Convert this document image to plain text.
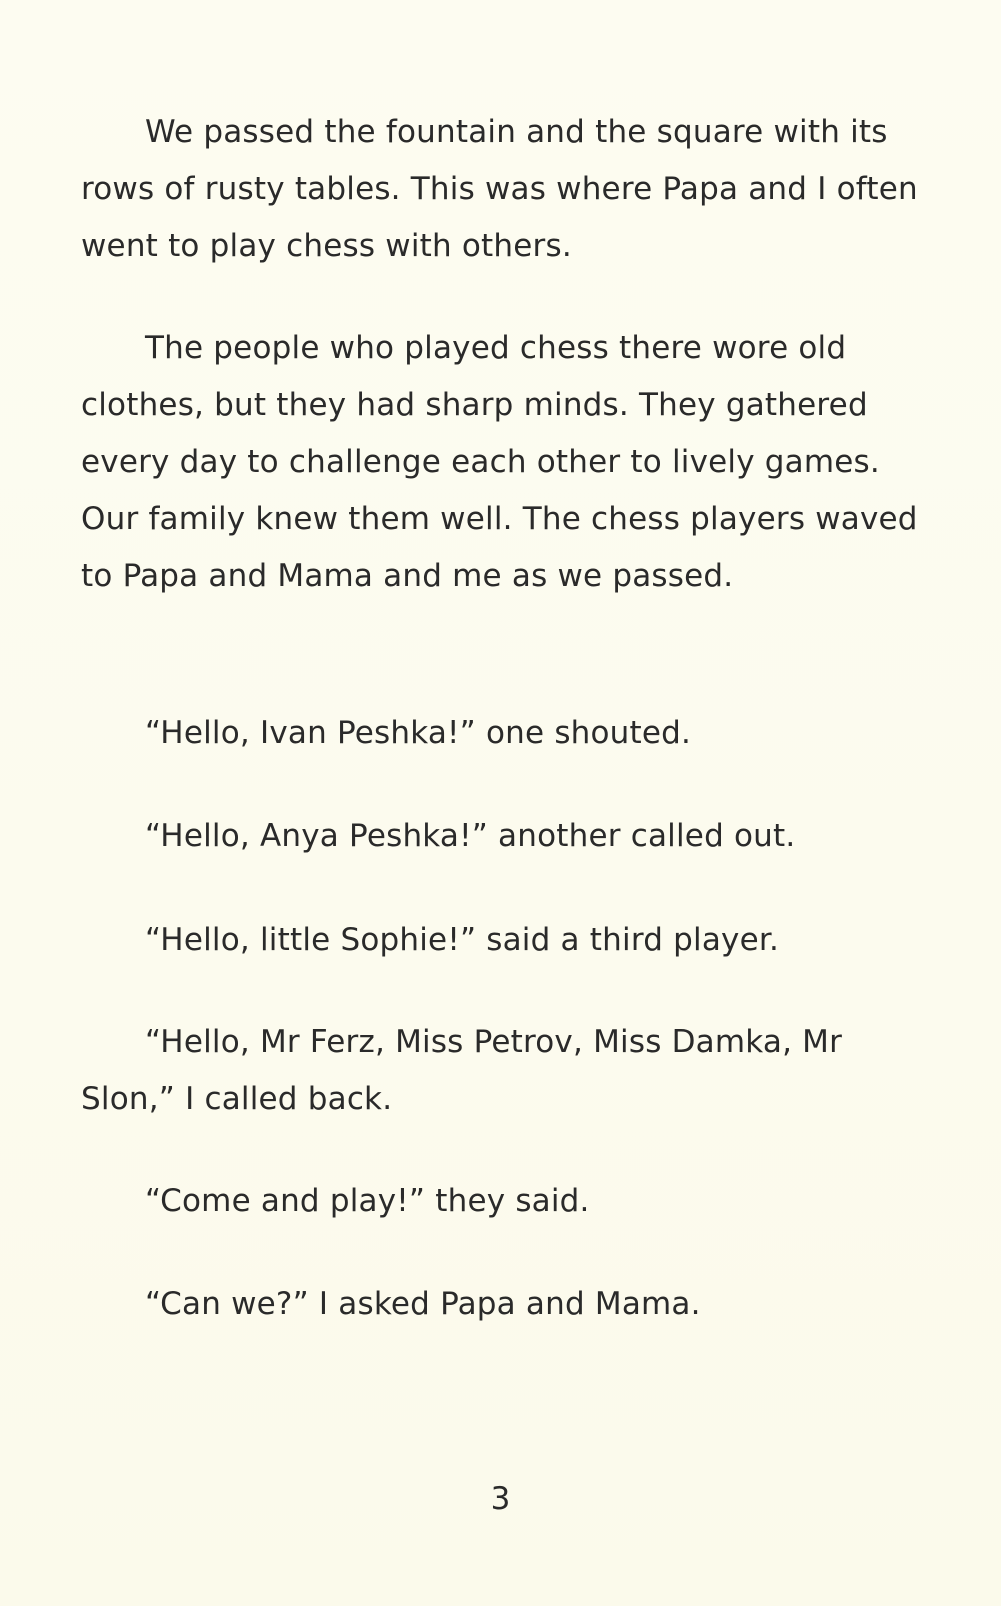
We passed the fountain and the square with its rows of rusty tables. This was where Papa and I often went to play chess with others.

The people who played chess there wore old clothes, but they had sharp minds. They gathered every day to challenge each other to lively games. Our family knew them well. The chess players waved to Papa and Mama and me as we passed.

“Hello, Ivan Peshka!” one shouted.

“Hello, Anya Peshka!” another called out.

“Hello, little Sophie!” said a third player.

“Hello, Mr Ferz, Miss Petrov, Miss Damka, Mr Slon,” I called back.

“Come and play!” they said.

“Can we?” I asked Papa and Mama.

3
